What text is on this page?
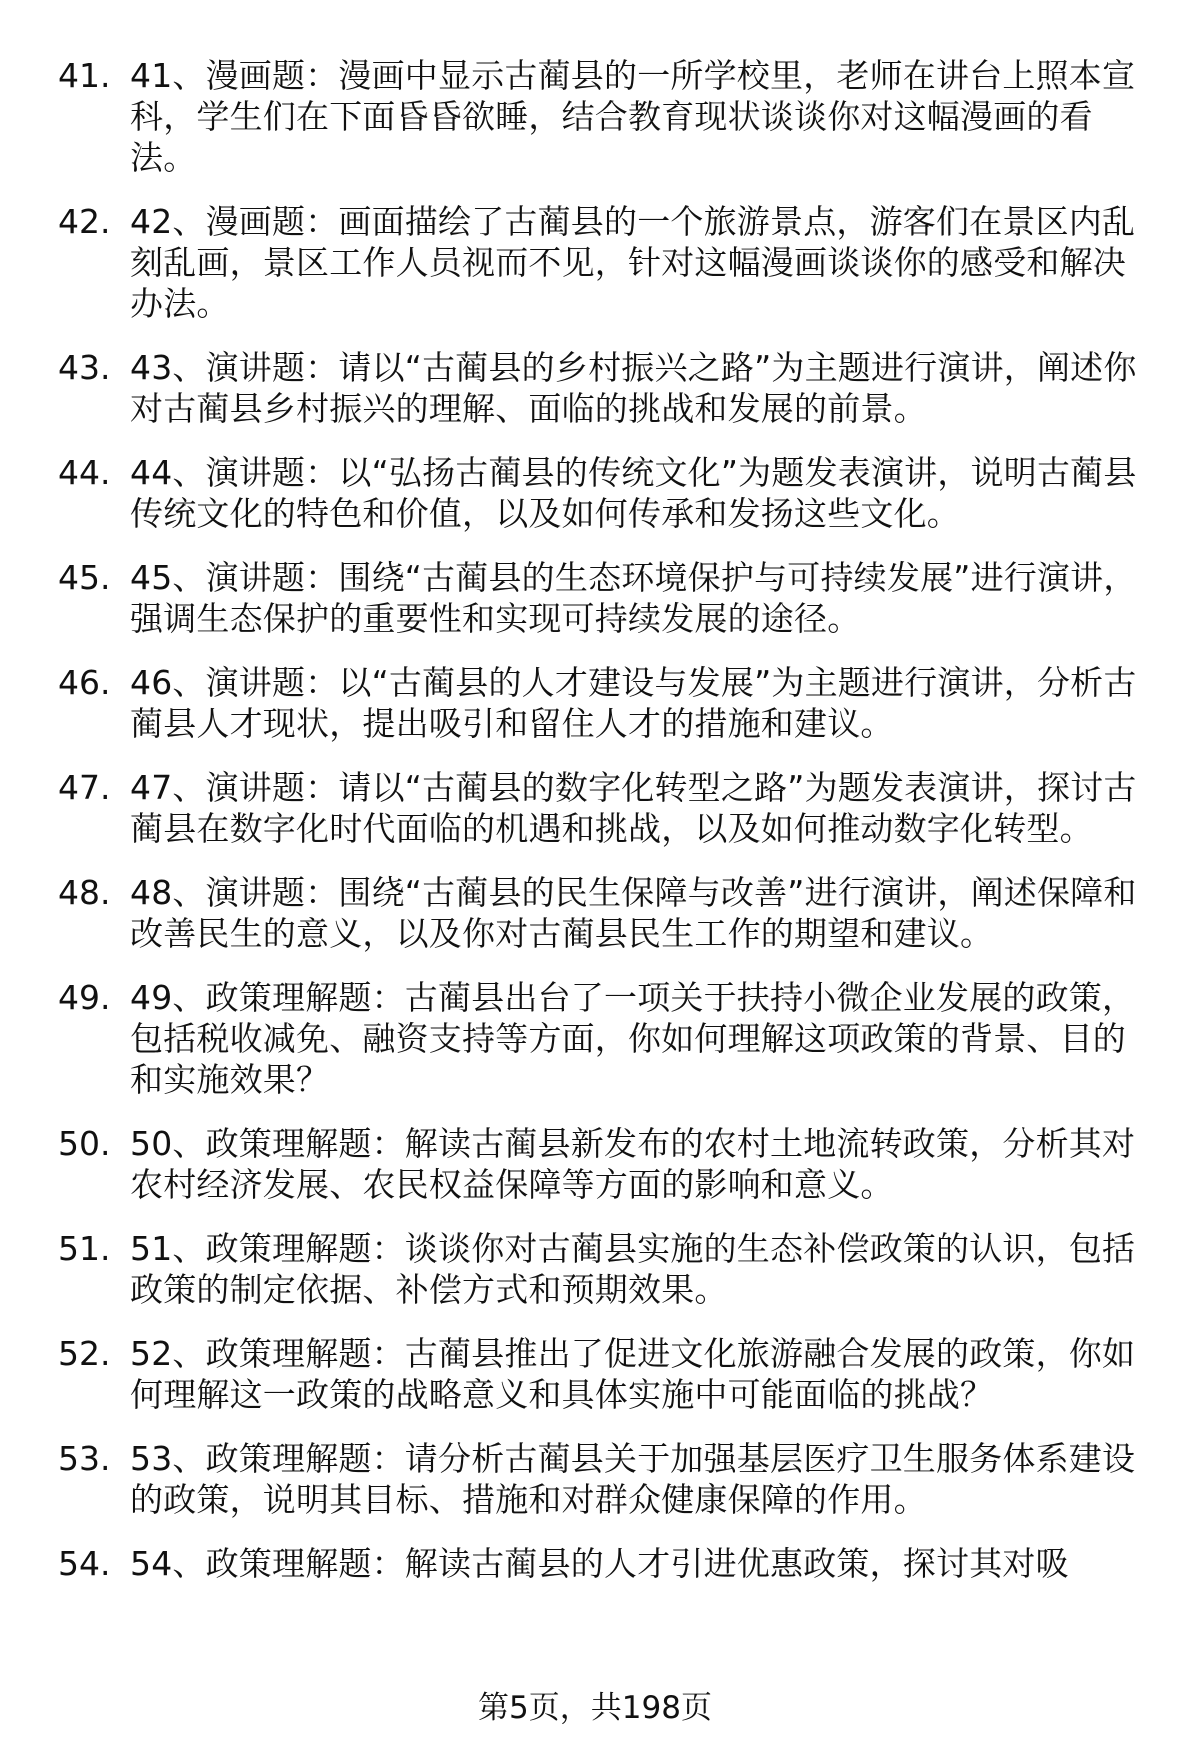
41. 41、漫画题：漫画中显示古蔺县的一所学校里，老师在讲台上照本宣科，学生们在下面昏昏欲睡，结合教育现状谈谈你对这幅漫画的看法。
42. 42、漫画题：画面描绘了古蔺县的一个旅游景点，游客们在景区内乱刻乱画，景区工作人员视而不见，针对这幅漫画谈谈你的感受和解决办法。
43. 43、演讲题：请以“古蔺县的乡村振兴之路”为主题进行演讲，阐述你对古蔺县乡村振兴的理解、面临的挑战和发展的前景。
44. 44、演讲题：以“弘扬古蔺县的传统文化”为题发表演讲，说明古蔺县传统文化的特色和价值，以及如何传承和发扬这些文化。
45. 45、演讲题：围绕“古蔺县的生态环境保护与可持续发展”进行演讲，强调生态保护的重要性和实现可持续发展的途径。
46. 46、演讲题：以“古蔺县的人才建设与发展”为主题进行演讲，分析古蔺县人才现状，提出吸引和留住人才的措施和建议。
47. 47、演讲题：请以“古蔺县的数字化转型之路”为题发表演讲，探讨古蔺县在数字化时代面临的机遇和挑战，以及如何推动数字化转型。
48. 48、演讲题：围绕“古蔺县的民生保障与改善”进行演讲，阐述保障和改善民生的意义，以及你对古蔺县民生工作的期望和建议。
49. 49、政策理解题：古蔺县出台了一项关于扶持小微企业发展的政策，包括税收减免、融资支持等方面，你如何理解这项政策的背景、目的和实施效果？
50. 50、政策理解题：解读古蔺县新发布的农村土地流转政策，分析其对农村经济发展、农民权益保障等方面的影响和意义。
51. 51、政策理解题：谈谈你对古蔺县实施的生态补偿政策的认识，包括政策的制定依据、补偿方式和预期效果。
52. 52、政策理解题：古蔺县推出了促进文化旅游融合发展的政策，你如何理解这一政策的战略意义和具体实施中可能面临的挑战？
53. 53、政策理解题：请分析古蔺县关于加强基层医疗卫生服务体系建设的政策，说明其目标、措施和对群众健康保障的作用。
54. 54、政策理解题：解读古蔺县的人才引进优惠政策，探讨其对吸
第5页，共198页
